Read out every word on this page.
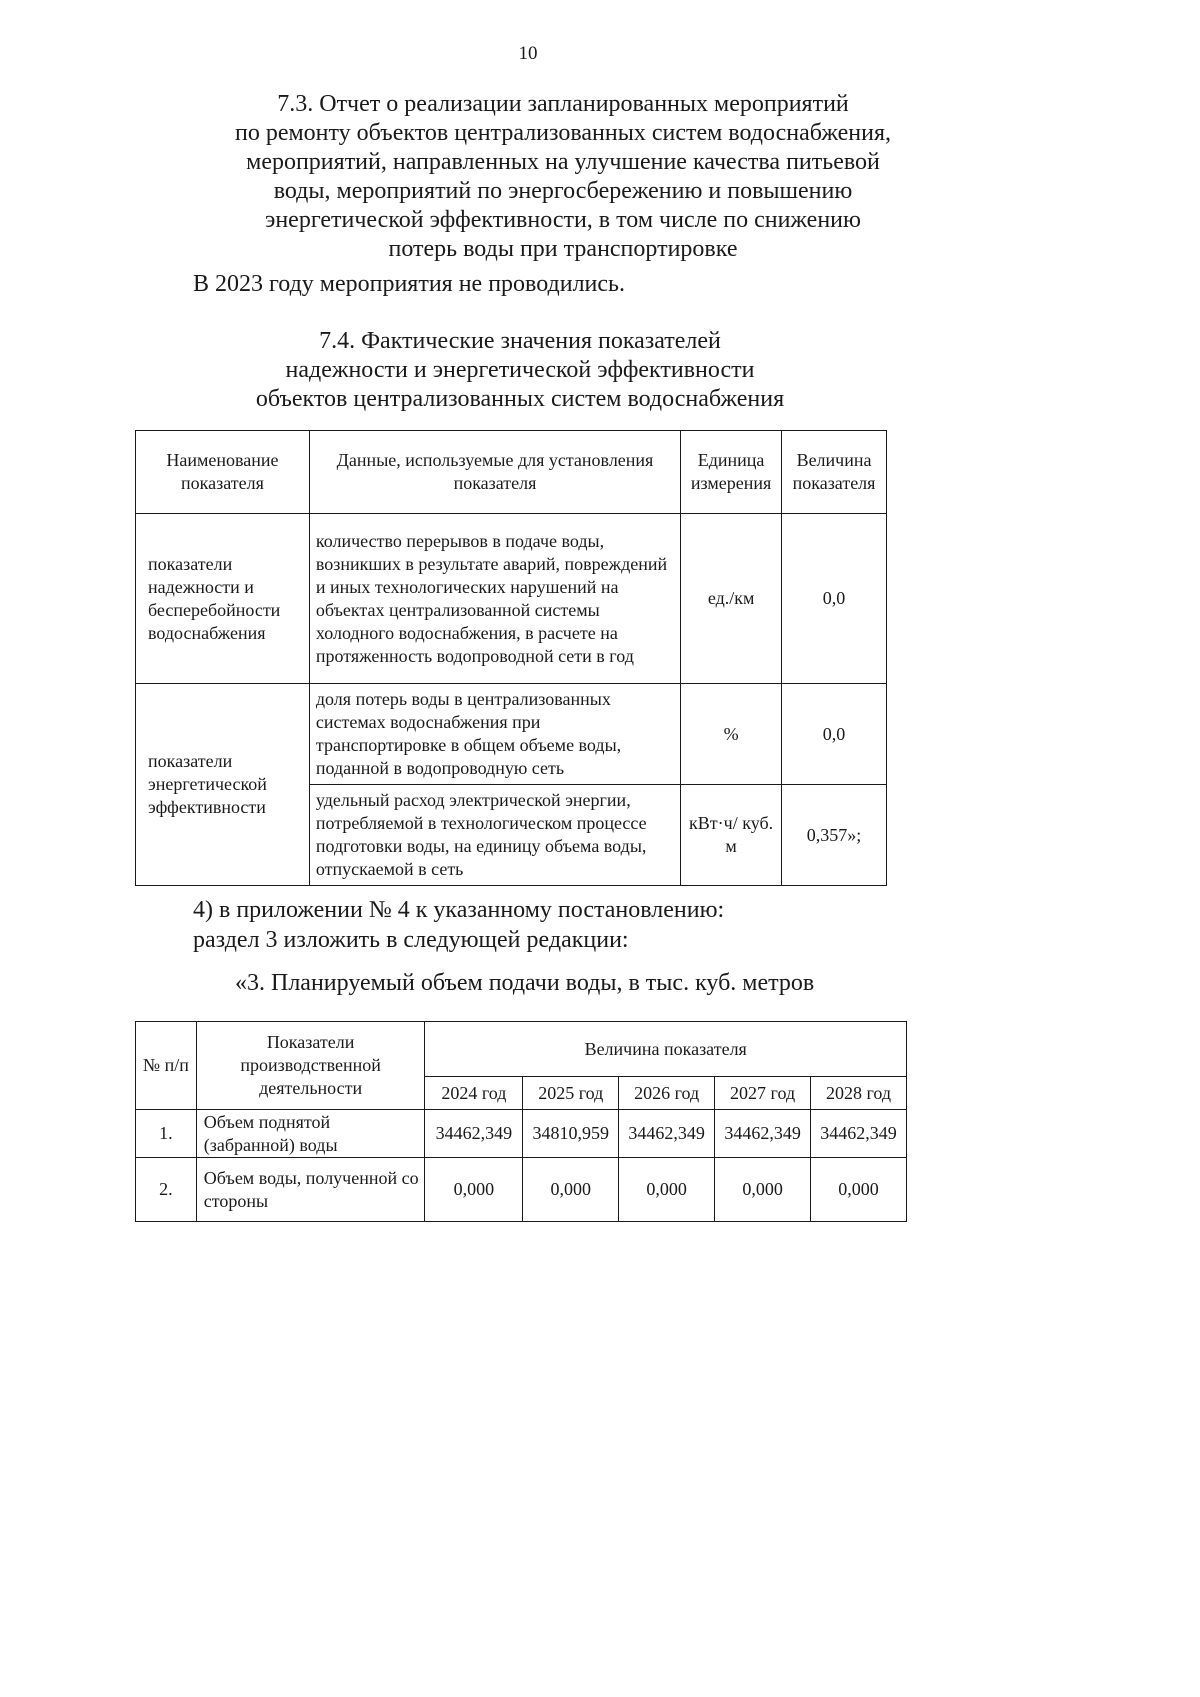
10
7.3. Отчет о реализации запланированных мероприятий
по ремонту объектов централизованных систем водоснабжения,
мероприятий, направленных на улучшение качества питьевой
воды, мероприятий по энергосбережению и повышению
энергетической эффективности, в том числе по снижению
потерь воды при транспортировке
В 2023 году мероприятия не проводились.
7.4. Фактические значения показателей
надежности и энергетической эффективности
объектов централизованных систем водоснабжения
Наименование показателя	Данные, используемые для установления показателя	Единица измерения	Величина показателя
показатели надежности и бесперебойности водоснабжения	количество перерывов в подаче воды, возникших в результате аварий, повреждений и иных технологических нарушений на объектах централизованной системы холодного водоснабжения, в расчете на протяженность водопроводной сети в год	ед./км	0,0
показатели энергетической эффективности	доля потерь воды в централизованных системах водоснабжения при транспортировке в общем объеме воды, поданной в водопроводную сеть	%	0,0
	удельный расход электрической энергии, потребляемой в технологическом процессе подготовки воды, на единицу объема воды, отпускаемой в сеть	кВт·ч/ куб. м	0,357»;
4) в приложении № 4 к указанному постановлению:
раздел 3 изложить в следующей редакции:
«3. Планируемый объем подачи воды, в тыс. куб. метров
№ п/п	Показатели производственной деятельности	Величина показателя				
		2024 год	2025 год	2026 год	2027 год	2028 год
1.	Объем поднятой (забранной) воды	34462,349	34810,959	34462,349	34462,349	34462,349
2.	Объем воды, полученной со стороны	0,000	0,000	0,000	0,000	0,000
